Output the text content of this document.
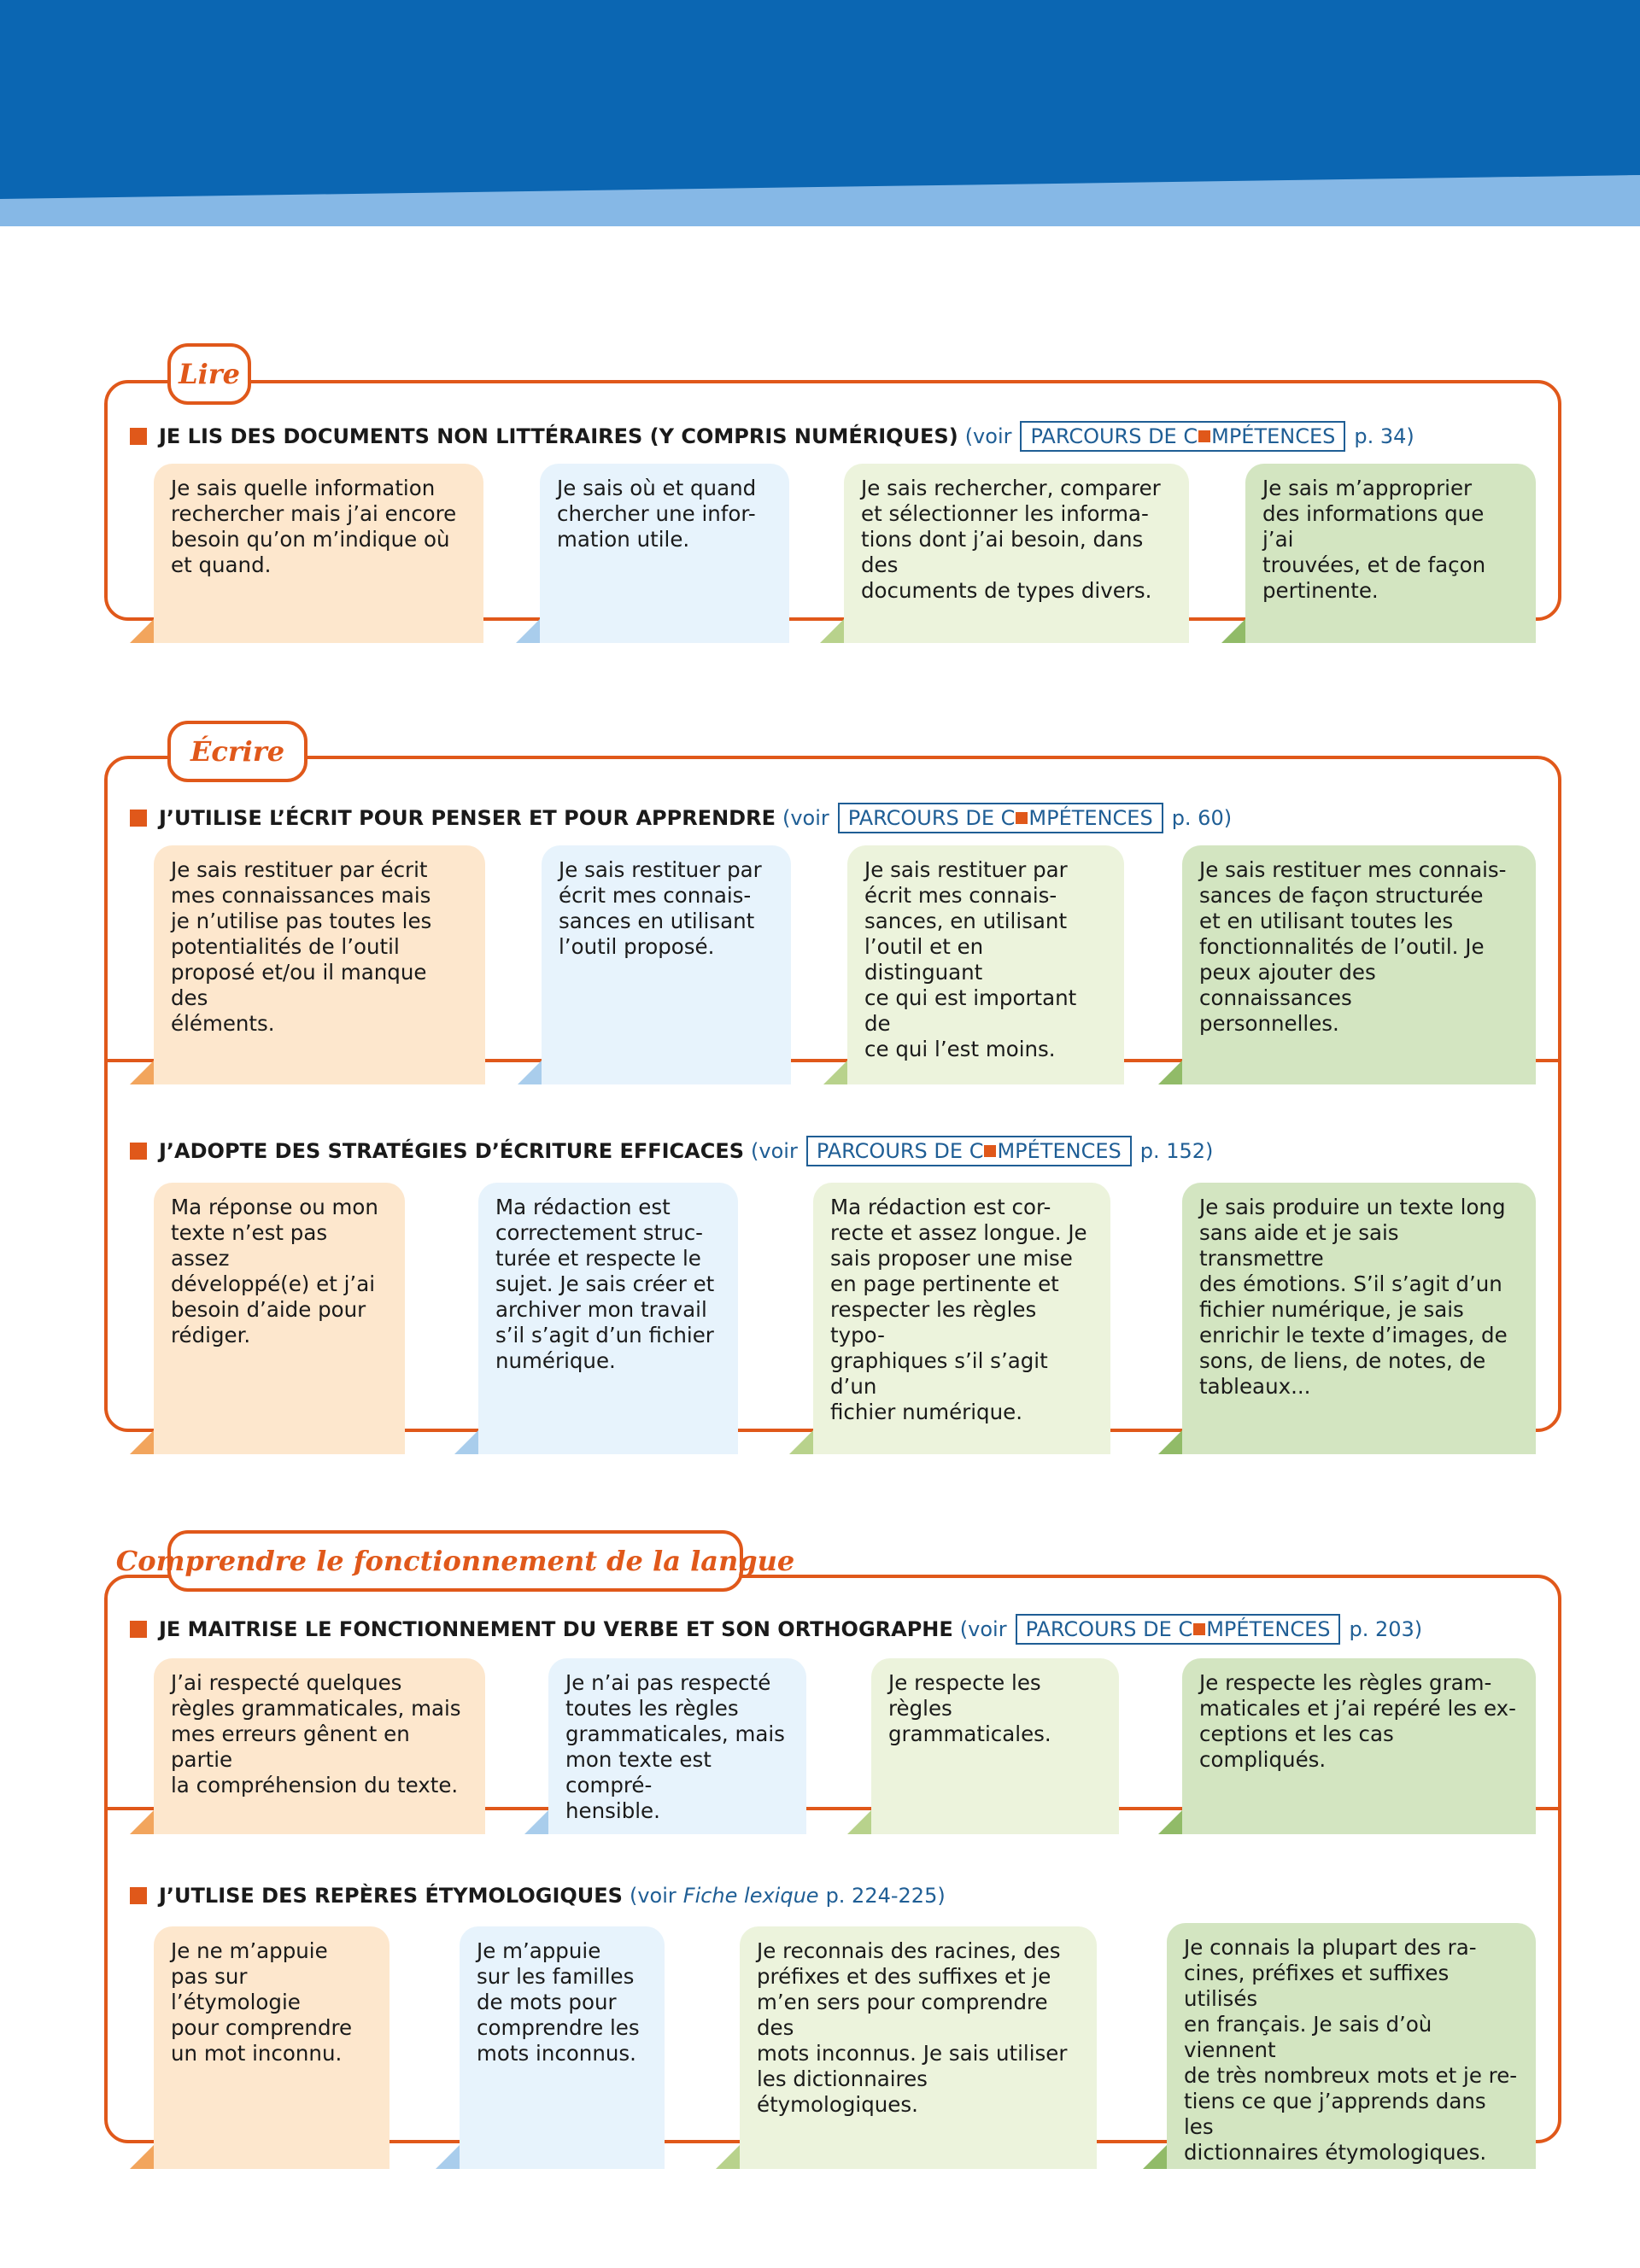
Lire
JE LIS DES DOCUMENTS NON LITTÉRAIRES (Y COMPRIS NUMÉRIQUES) (voir PARCOURS DE C MPÉTENCES p. 34)
Je sais quelle information
rechercher mais j’ai encore
besoin qu’on m’indique où
et quand.
Je sais où et quand
chercher une infor-
mation utile.
Je sais rechercher, comparer
et sélectionner les informa-
tions dont j’ai besoin, dans des
documents de types divers.
Je sais m’approprier
des informations que j’ai
trouvées, et de façon
pertinente.
Écrire
J’UTILISE L’ÉCRIT POUR PENSER ET POUR APPRENDRE (voir PARCOURS DE C MPÉTENCES p. 60)
Je sais restituer par écrit
mes connaissances mais
je n’utilise pas toutes les
potentialités de l’outil
proposé et/ou il manque des
éléments.
Je sais restituer par
écrit mes connais-
sances en utilisant
l’outil proposé.
Je sais restituer par
écrit mes connais-
sances, en utilisant
l’outil et en distinguant
ce qui est important de
ce qui l’est moins.
Je sais restituer mes connais-
sances de façon structurée
et en utilisant toutes les
fonctionnalités de l’outil. Je
peux ajouter des connaissances
personnelles.
J’ADOPTE DES STRATÉGIES D’ÉCRITURE EFFICACES (voir PARCOURS DE C MPÉTENCES p. 152)
Ma réponse ou mon
texte n’est pas assez
développé(e) et j’ai
besoin d’aide pour
rédiger.
Ma rédaction est
correctement struc-
turée et respecte le
sujet. Je sais créer et
archiver mon travail
s’il s’agit d’un fichier
numérique.
Ma rédaction est cor-
recte et assez longue. Je
sais proposer une mise
en page pertinente et
respecter les règles typo-
graphiques s’il s’agit d’un
fichier numérique.
Je sais produire un texte long
sans aide et je sais transmettre
des émotions. S’il s’agit d’un
fichier numérique, je sais
enrichir le texte d’images, de
sons, de liens, de notes, de
tableaux...
Comprendre le fonctionnement de la langue
JE MAITRISE LE FONCTIONNEMENT DU VERBE ET SON ORTHOGRAPHE (voir PARCOURS DE C MPÉTENCES p. 203)
J’ai respecté quelques
règles grammaticales, mais
mes erreurs gênent en partie
la compréhension du texte.
Je n’ai pas respecté
toutes les règles
grammaticales, mais
mon texte est compré-
hensible.
Je respecte les
règles grammaticales.
Je respecte les règles gram-
maticales et j’ai repéré les ex-
ceptions et les cas compliqués.
J’UTLISE DES REPÈRES ÉTYMOLOGIQUES (voir Fiche lexique p. 224-225)
Je ne m’appuie
pas sur l’étymologie
pour comprendre
un mot inconnu.
Je m’appuie
sur les familles
de mots pour
comprendre les
mots inconnus.
Je reconnais des racines, des
préfixes et des suffixes et je
m’en sers pour comprendre des
mots inconnus. Je sais utiliser
les dictionnaires étymologiques.
Je connais la plupart des ra-
cines, préfixes et suffixes utilisés
en français. Je sais d’où viennent
de très nombreux mots et je re-
tiens ce que j’apprends dans les
dictionnaires étymologiques.
